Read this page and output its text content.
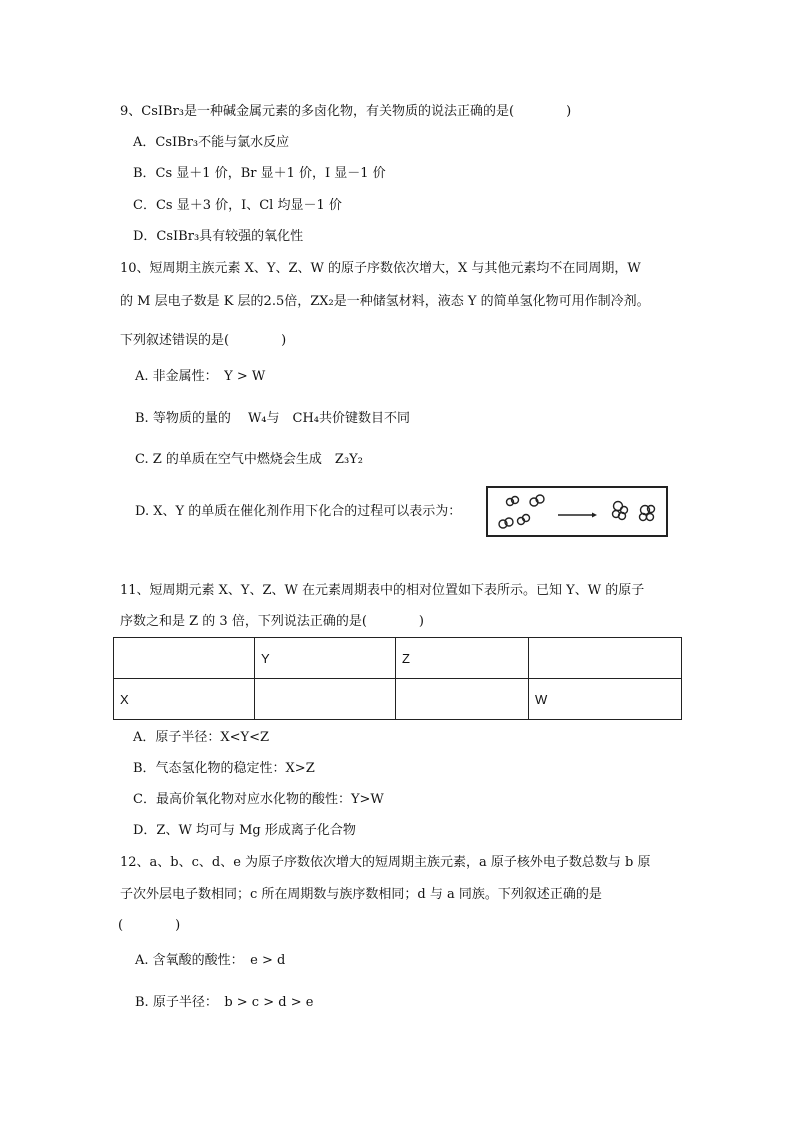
9、CsIBr₃是一种碱金属元素的多卤化物，有关物质的说法正确的是(　　　　)
A．CsIBr₃不能与氯水反应
B．Cs 显＋1 价，Br 显＋1 价，I 显－1 价
C．Cs 显＋3 价，I、Cl 均显－1 价
D．CsIBr₃具有较强的氧化性
10、短周期主族元素 X、Y、Z、W 的原子序数依次增大，X 与其他元素均不在同周期，W
的 M 层电子数是 K 层的2.5倍，ZX₂是一种储氢材料，液态 Y 的简单氢化物可用作制冷剂。
下列叙述错误的是(　　　　)
A. 非金属性：　Y > W
B. 等物质的量的　 W₄与　CH₄共价键数目不同
C. Z 的单质在空气中燃烧会生成　Z₃Y₂
D. X、Y 的单质在催化剂作用下化合的过程可以表示为：
11、短周期元素 X、Y、Z、W 在元素周期表中的相对位置如下表所示。已知 Y、W 的原子
序数之和是 Z 的 3 倍，下列说法正确的是(　　　　)
	Y	Z	
X			W
A．原子半径：X<Y<Z
B．气态氢化物的稳定性：X>Z
C．最高价氧化物对应水化物的酸性：Y>W
D．Z、W 均可与 Mg 形成离子化合物
12、a、b、c、d、e 为原子序数依次增大的短周期主族元素，a 原子核外电子数总数与 b 原
子次外层电子数相同；c 所在周期数与族序数相同；d 与 a 同族。下列叙述正确的是
(　　　　)
A. 含氧酸的酸性：　e > d
B. 原子半径：　b > c > d > e
